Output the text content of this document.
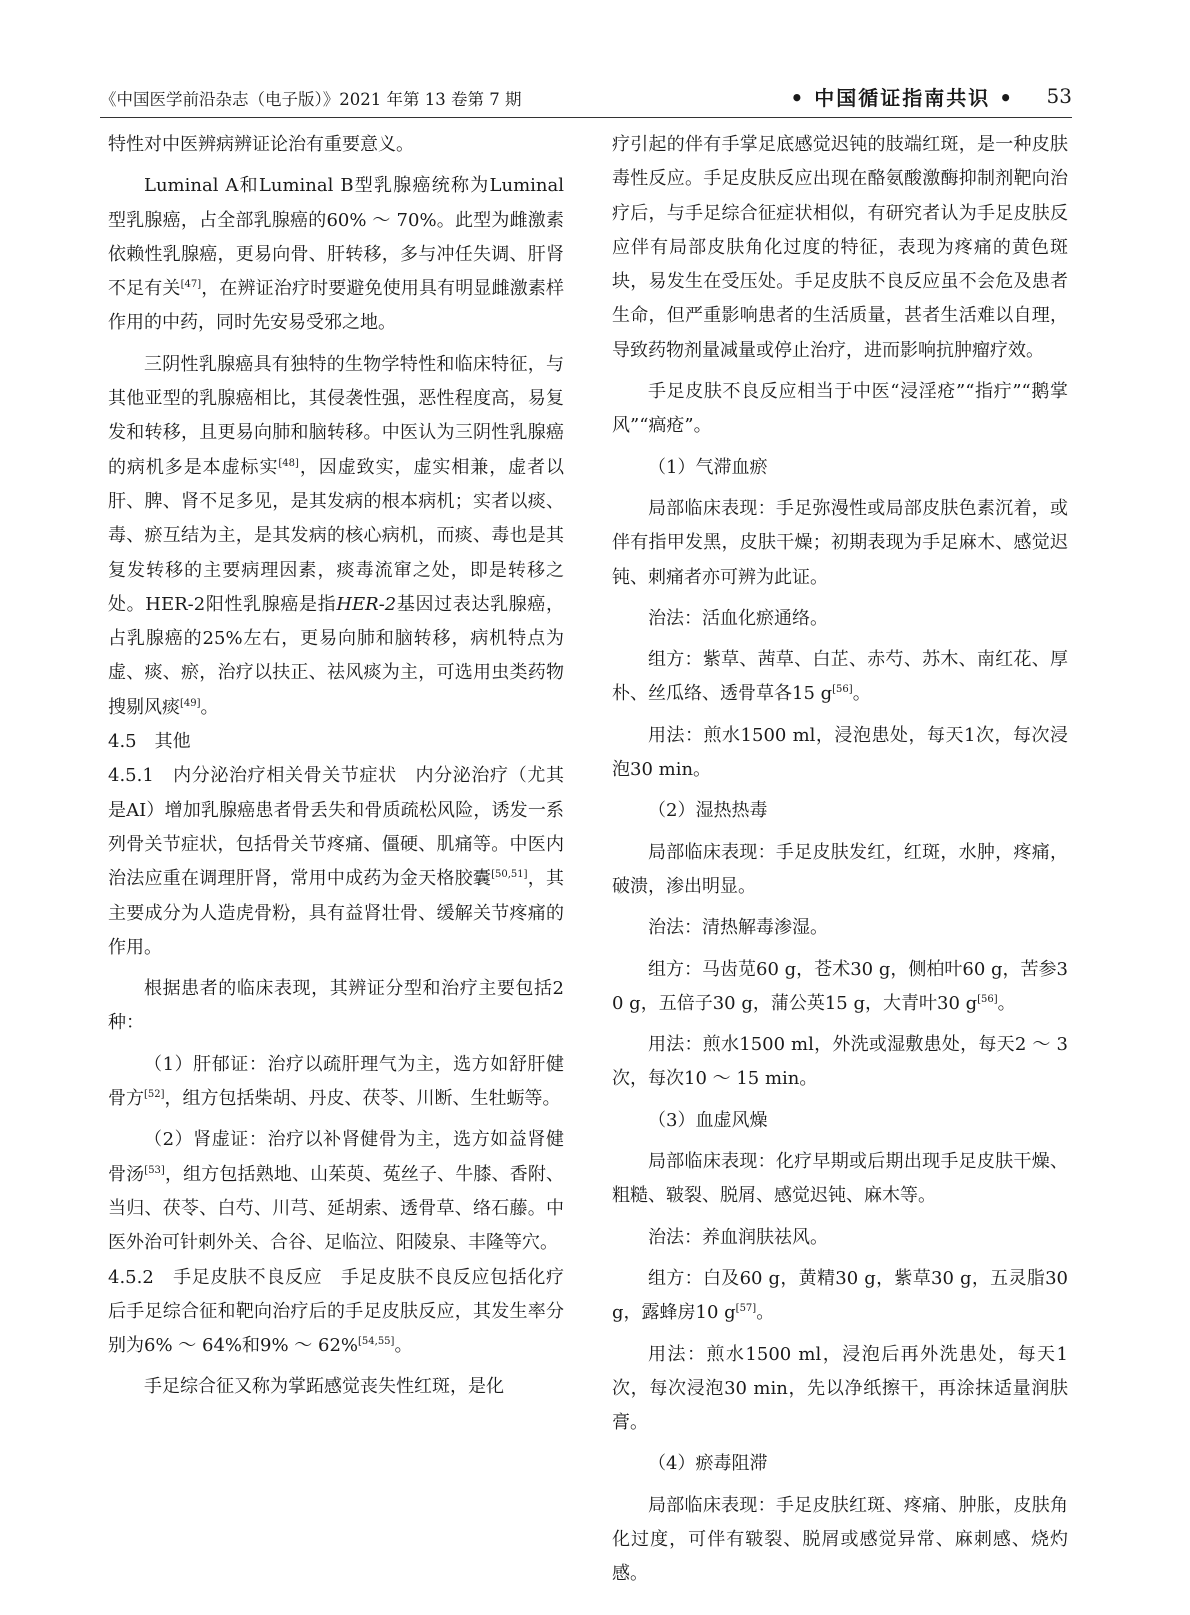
《中国医学前沿杂志（电子版）》2021 年第 13 卷第 7 期	• 中国循证指南共识 • 53

特性对中医辨病辨证论治有重要意义。

Luminal A和Luminal B型乳腺癌统称为Luminal型乳腺癌，占全部乳腺癌的60% ～ 70%。此型为雌激素依赖性乳腺癌，更易向骨、肝转移，多与冲任失调、肝肾不足有关[47]，在辨证治疗时要避免使用具有明显雌激素样作用的中药，同时先安易受邪之地。

三阴性乳腺癌具有独特的生物学特性和临床特征，与其他亚型的乳腺癌相比，其侵袭性强，恶性程度高，易复发和转移，且更易向肺和脑转移。中医认为三阴性乳腺癌的病机多是本虚标实[48]，因虚致实，虚实相兼，虚者以肝、脾、肾不足多见，是其发病的根本病机；实者以痰、毒、瘀互结为主，是其发病的核心病机，而痰、毒也是其复发转移的主要病理因素，痰毒流窜之处，即是转移之处。HER-2阳性乳腺癌是指HER-2基因过表达乳腺癌，占乳腺癌的25%左右，更易向肺和脑转移，病机特点为虚、痰、瘀，治疗以扶正、祛风痰为主，可选用虫类药物搜剔风痰[49]。

4.5　其他

4.5.1　内分泌治疗相关骨关节症状　内分泌治疗（尤其是AI）增加乳腺癌患者骨丢失和骨质疏松风险，诱发一系列骨关节症状，包括骨关节疼痛、僵硬、肌痛等。中医内治法应重在调理肝肾，常用中成药为金天格胶囊[50,51]，其主要成分为人造虎骨粉，具有益肾壮骨、缓解关节疼痛的作用。

根据患者的临床表现，其辨证分型和治疗主要包括2种：

（1）肝郁证：治疗以疏肝理气为主，选方如舒肝健骨方[52]，组方包括柴胡、丹皮、茯苓、川断、生牡蛎等。

（2）肾虚证：治疗以补肾健骨为主，选方如益肾健骨汤[53]，组方包括熟地、山茱萸、菟丝子、牛膝、香附、当归、茯苓、白芍、川芎、延胡索、透骨草、络石藤。中医外治可针刺外关、合谷、足临泣、阳陵泉、丰隆等穴。

4.5.2　手足皮肤不良反应　手足皮肤不良反应包括化疗后手足综合征和靶向治疗后的手足皮肤反应，其发生率分别为6% ～ 64%和9% ～ 62%[54,55]。

手足综合征又称为掌跖感觉丧失性红斑，是化

疗引起的伴有手掌足底感觉迟钝的肢端红斑，是一种皮肤毒性反应。手足皮肤反应出现在酪氨酸激酶抑制剂靶向治疗后，与手足综合征症状相似，有研究者认为手足皮肤反应伴有局部皮肤角化过度的特征，表现为疼痛的黄色斑块，易发生在受压处。手足皮肤不良反应虽不会危及患者生命，但严重影响患者的生活质量，甚者生活难以自理，导致药物剂量减量或停止治疗，进而影响抗肿瘤疗效。

手足皮肤不良反应相当于中医“浸淫疮”“指疔”“鹅掌风”“瘑疮”。

（1）气滞血瘀

局部临床表现：手足弥漫性或局部皮肤色素沉着，或伴有指甲发黑，皮肤干燥；初期表现为手足麻木、感觉迟钝、刺痛者亦可辨为此证。

治法：活血化瘀通络。

组方：紫草、茜草、白芷、赤芍、苏木、南红花、厚朴、丝瓜络、透骨草各15 g[56]。

用法：煎水1500 ml，浸泡患处，每天1次，每次浸泡30 min。

（2）湿热热毒

局部临床表现：手足皮肤发红，红斑，水肿，疼痛，破溃，渗出明显。

治法：清热解毒渗湿。

组方：马齿苋60 g，苍术30 g，侧柏叶60 g，苦参30 g，五倍子30 g，蒲公英15 g，大青叶30 g[56]。

用法：煎水1500 ml，外洗或湿敷患处，每天2 ～ 3次，每次10 ～ 15 min。

（3）血虚风燥

局部临床表现：化疗早期或后期出现手足皮肤干燥、粗糙、皲裂、脱屑、感觉迟钝、麻木等。

治法：养血润肤祛风。

组方：白及60 g，黄精30 g，紫草30 g，五灵脂30 g，露蜂房10 g[57]。

用法：煎水1500 ml，浸泡后再外洗患处，每天1次，每次浸泡30 min，先以净纸擦干，再涂抹适量润肤膏。

（4）瘀毒阻滞

局部临床表现：手足皮肤红斑、疼痛、肿胀，皮肤角化过度，可伴有皲裂、脱屑或感觉异常、麻刺感、烧灼感。
